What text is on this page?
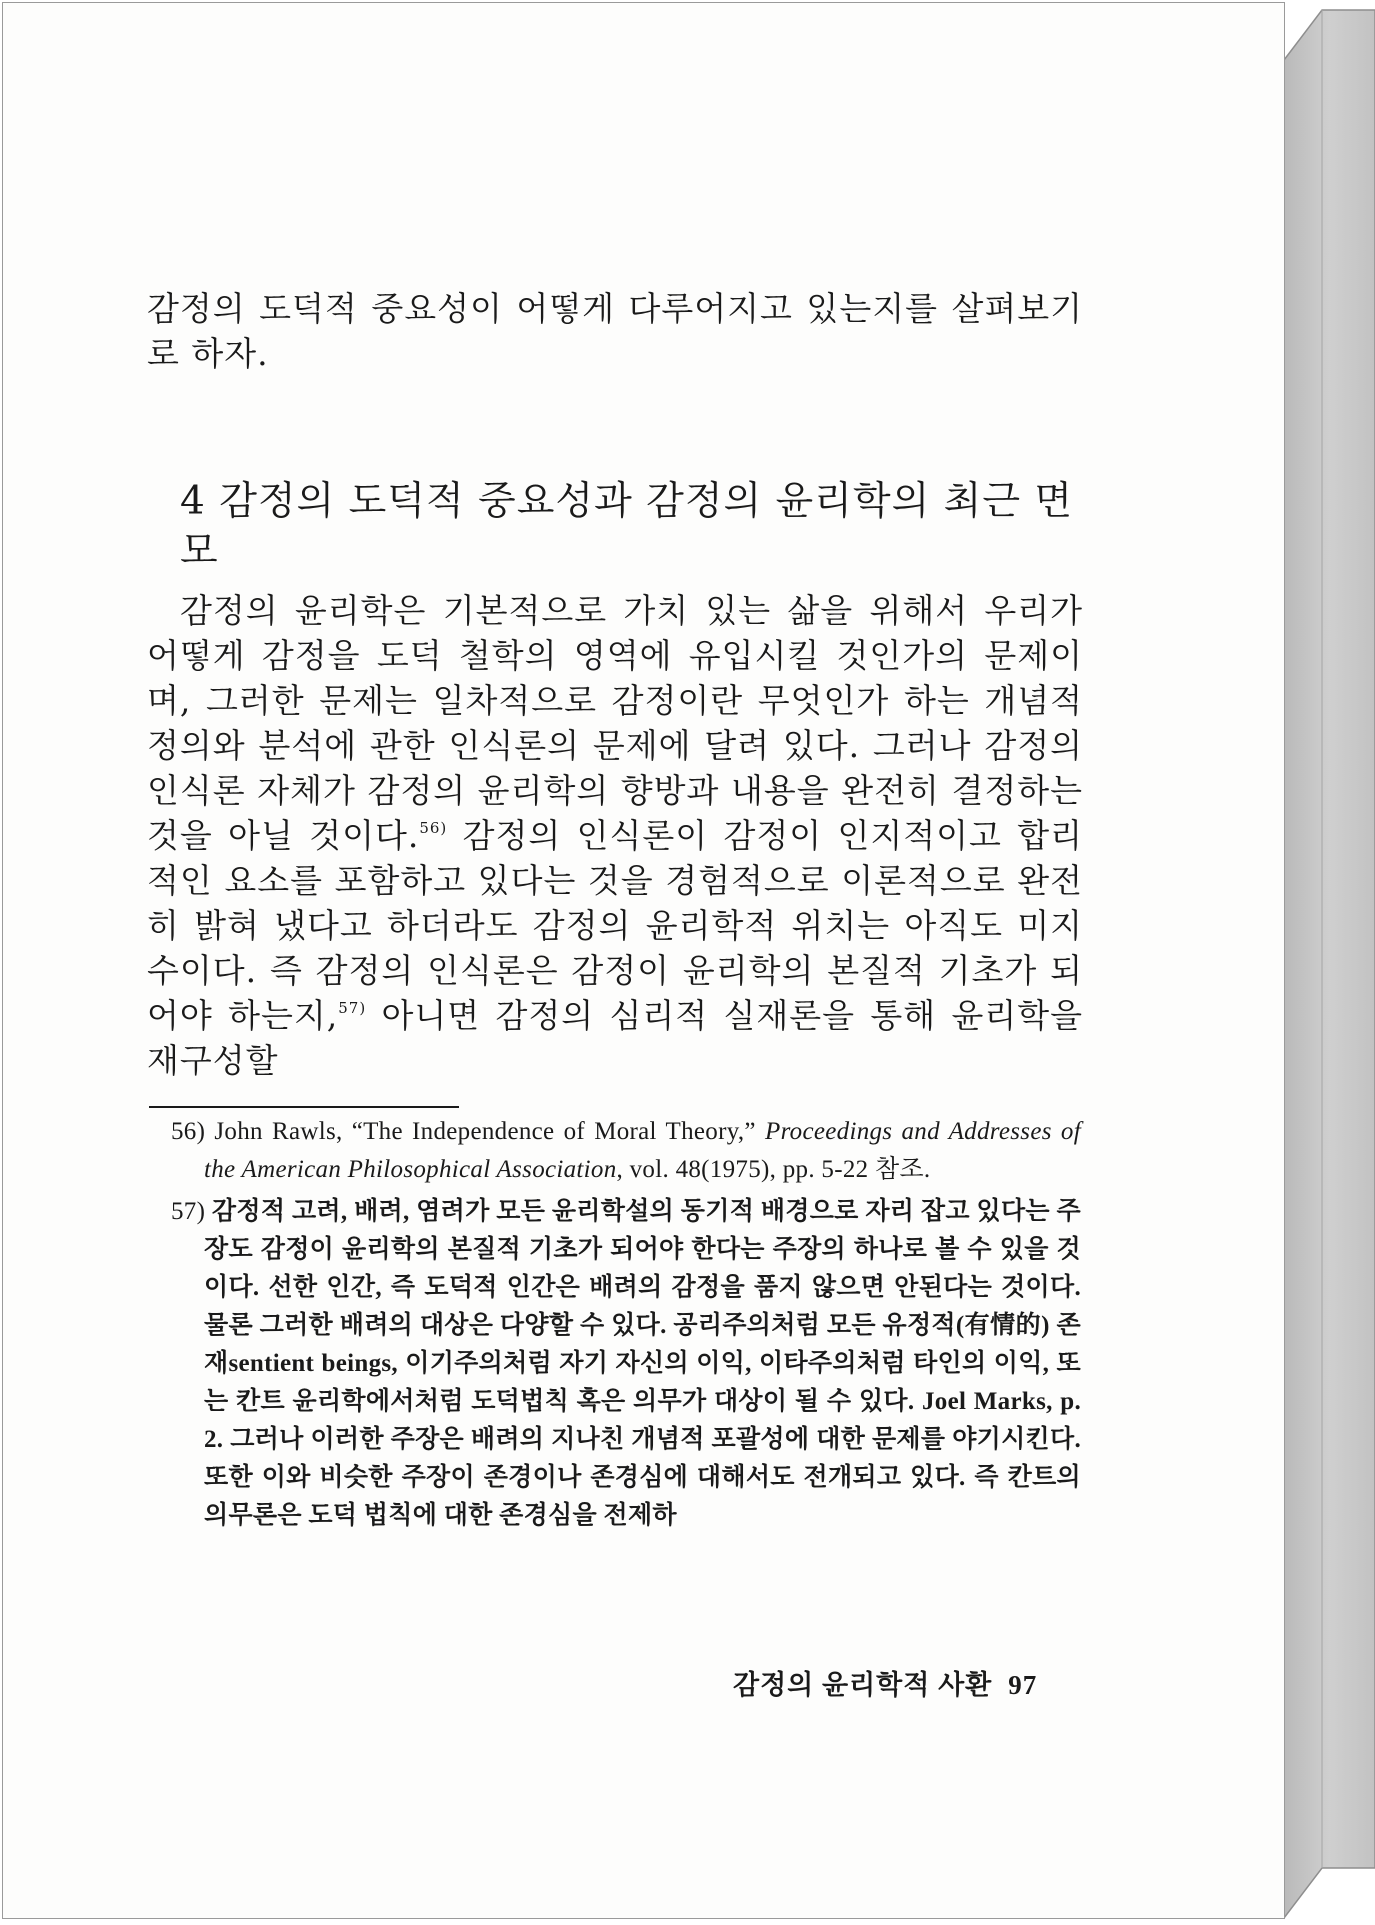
감정의 도덕적 중요성이 어떻게 다루어지고 있는지를 살펴보기로 하자.

4 감정의 도덕적 중요성과 감정의 윤리학의 최근 면모

감정의 윤리학은 기본적으로 가치 있는 삶을 위해서 우리가 어떻게 감정을 도덕 철학의 영역에 유입시킬 것인가의 문제이며, 그러한 문제는 일차적으로 감정이란 무엇인가 하는 개념적 정의와 분석에 관한 인식론의 문제에 달려 있다. 그러나 감정의 인식론 자체가 감정의 윤리학의 향방과 내용을 완전히 결정하는 것을 아닐 것이다.$^{56)}$ 감정의 인식론이 감정이 인지적이고 합리적인 요소를 포함하고 있다는 것을 경험적으로 이론적으로 완전히 밝혀 냈다고 하더라도 감정의 윤리학적 위치는 아직도 미지수이다. 즉 감정의 인식론은 감정이 윤리학의 본질적 기초가 되어야 하는지,$^{57)}$ 아니면 감정의 심리적 실재론을 통해 윤리학을 재구성할

56) John Rawls, “The Independence of Moral Theory,” Proceedings and Addresses of the American Philosophical Association, vol. 48(1975), pp. 5-22 참조.

57) 감정적 고려, 배려, 염려가 모든 윤리학설의 동기적 배경으로 자리 잡고 있다는 주장도 감정이 윤리학의 본질적 기초가 되어야 한다는 주장의 하나로 볼 수 있을 것이다. 선한 인간, 즉 도덕적 인간은 배려의 감정을 품지 않으면 안된다는 것이다. 물론 그러한 배려의 대상은 다양할 수 있다. 공리주의처럼 모든 유정적(有情的) 존재sentient beings, 이기주의처럼 자기 자신의 이익, 이타주의처럼 타인의 이익, 또는 칸트 윤리학에서처럼 도덕법칙 혹은 의무가 대상이 될 수 있다. Joel Marks, p. 2. 그러나 이러한 주장은 배려의 지나친 개념적 포괄성에 대한 문제를 야기시킨다. 또한 이와 비슷한 주장이 존경이나 존경심에 대해서도 전개되고 있다. 즉 칸트의 의무론은 도덕 법칙에 대한 존경심을 전제하

감정의 윤리학적 사환 97
